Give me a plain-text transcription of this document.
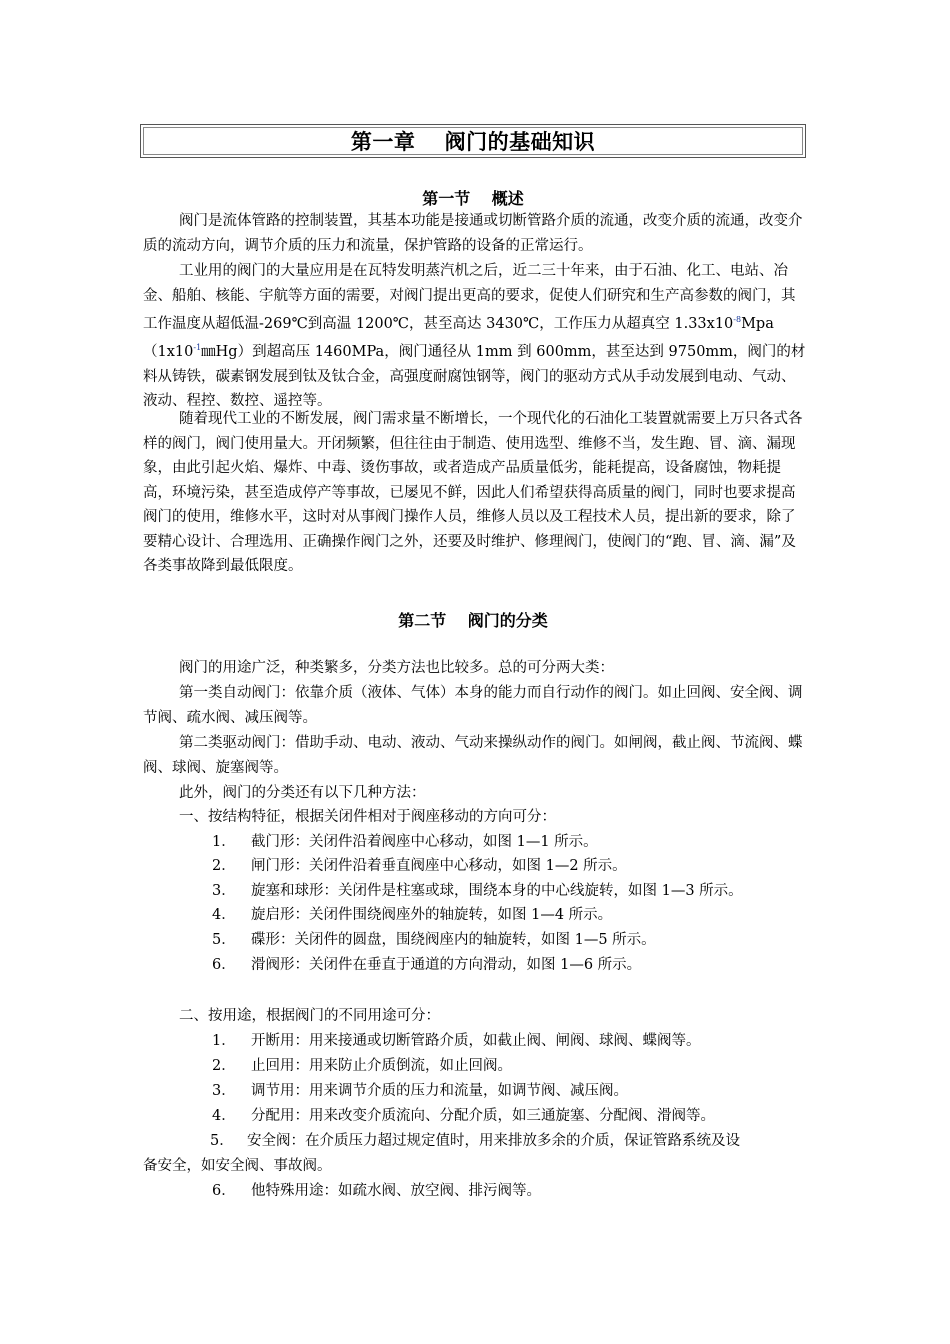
第一章　 阀门的基础知识
第一节　 概述

阀门是流体管路的控制装置，其基本功能是接通或切断管路介质的流通，改变介质的流通，改变介质的流动方向，调节介质的压力和流量，保护管路的设备的正常运行。

工业用的阀门的大量应用是在瓦特发明蒸汽机之后，近二三十年来，由于石油、化工、电站、冶金、船舶、核能、宇航等方面的需要，对阀门提出更高的要求，促使人们研究和生产高参数的阀门，其工作温度从超低温-269℃到高温 1200℃，甚至高达 3430℃，工作压力从超真空 $1.33x10^{-8}Mpa(1x10^{-1}㎜Hg)$到超高压 1460MPa，阀门通径从 1mm 到 600mm，甚至达到 9750mm，阀门的材料从铸铁，碳素钢发展到钛及钛合金，高强度耐腐蚀钢等，阀门的驱动方式从手动发展到电动、气动、液动、程控、数控、遥控等。

随着现代工业的不断发展，阀门需求量不断增长，一个现代化的石油化工装置就需要上万只各式各样的阀门，阀门使用量大。开闭频繁，但往往由于制造、使用选型、维修不当，发生跑、冒、滴、漏现象，由此引起火焰、爆炸、中毒、烫伤事故，或者造成产品质量低劣，能耗提高，设备腐蚀，物耗提高，环境污染，甚至造成停产等事故，已屡见不鲜，因此人们希望获得高质量的阀门，同时也要求提高阀门的使用，维修水平，这时对从事阀门操作人员，维修人员以及工程技术人员，提出新的要求，除了要精心设计、合理选用、正确操作阀门之外，还要及时维护、修理阀门，使阀门的“跑、冒、滴、漏”及各类事故降到最低限度。

第二节　 阀门的分类

阀门的用途广泛，种类繁多，分类方法也比较多。总的可分两大类：

第一类自动阀门：依靠介质（液体、气体）本身的能力而自行动作的阀门。如止回阀、安全阀、调节阀、疏水阀、减压阀等。

第二类驱动阀门：借助手动、电动、液动、气动来操纵动作的阀门。如闸阀，截止阀、节流阀、蝶阀、球阀、旋塞阀等。

此外，阀门的分类还有以下几种方法：

一、按结构特征，根据关闭件相对于阀座移动的方向可分：

1． 截门形：关闭件沿着阀座中心移动，如图 1—1 所示。
2． 闸门形：关闭件沿着垂直阀座中心移动，如图 1—2 所示。
3． 旋塞和球形：关闭件是柱塞或球，围绕本身的中心线旋转，如图 1—3 所示。
4． 旋启形：关闭件围绕阀座外的轴旋转，如图 1—4 所示。
5． 碟形：关闭件的圆盘，围绕阀座内的轴旋转，如图 1—5 所示。
6． 滑阀形：关闭件在垂直于通道的方向滑动，如图 1—6 所示。

二、按用途，根据阀门的不同用途可分：

1． 开断用：用来接通或切断管路介质，如截止阀、闸阀、球阀、蝶阀等。
2． 止回用：用来防止介质倒流，如止回阀。
3． 调节用：用来调节介质的压力和流量，如调节阀、减压阀。
4． 分配用：用来改变介质流向、分配介质，如三通旋塞、分配阀、滑阀等。
5． 安全阀：在介质压力超过规定值时，用来排放多余的介质，保证管路系统及设
备安全，如安全阀、事故阀。
6． 他特殊用途：如疏水阀、放空阀、排污阀等。
